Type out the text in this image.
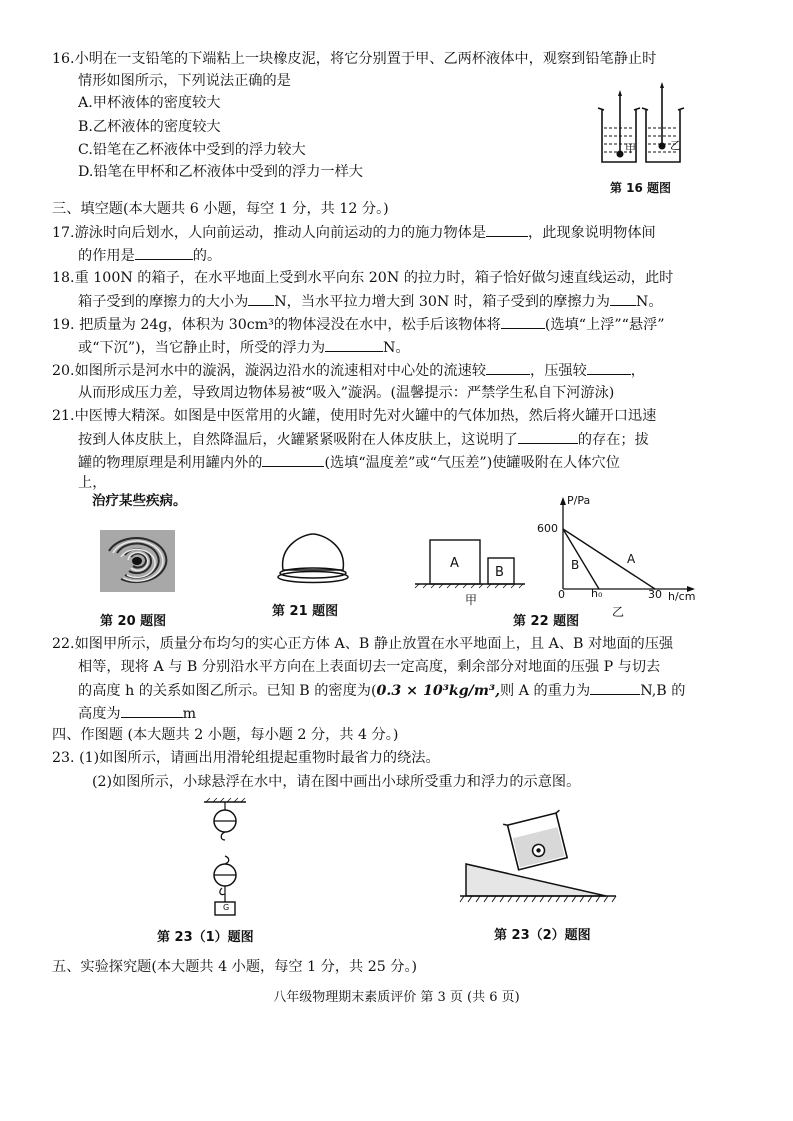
16.小明在一支铅笔的下端粘上一块橡皮泥，将它分别置于甲、乙两杯液体中，观察到铅笔静止时
情形如图所示，下列说法正确的是
A.甲杯液体的密度较大
B.乙杯液体的密度较大
C.铅笔在乙杯液体中受到的浮力较大
D.铅笔在甲杯和乙杯液体中受到的浮力一样大
甲	乙
第 16 题图
三、填空题(本大题共 6 小题，每空 1 分，共 12 分。)
17.游泳时向后划水，人向前运动，推动人向前运动的力的施力物体是	，此现象说明物体间
的作用是	的。
18.重 100N 的箱子，在水平地面上受到水平向东 20N 的拉力时，箱子恰好做匀速直线运动，此时
箱子受到的摩擦力的大小为 N，当水平拉力增大到 30N 时，箱子受到的摩擦力为 N。
19. 把质量为 24g，体积为 30cm³的物体浸没在水中，松手后该物体将	(选填“上浮”“悬浮”
或“下沉”)，当它静止时，所受的浮力为	N。
20.如图所示是河水中的漩涡，漩涡边沿水的流速相对中心处的流速较	，压强较	，
从而形成压力差，导致周边物体易被“吸入”漩涡。(温馨提示：严禁学生私自下河游泳)
21.中医博大精深。如图是中医常用的火罐，使用时先对火罐中的气体加热，然后将火罐开口迅速
按到人体皮肤上，自然降温后，火罐紧紧吸附在人体皮肤上，这说明了	的存在；拔
罐的物理原理是利用罐内外的	(选填“温度差”或“气压差”)使罐吸附在人体穴位
上，
治疗某些疾病。
第 20 题图
第 21 题图
A
B
甲
P/Pa
600
B	A
0 h₀	30 h/cm
乙
第 22 题图
22.如图甲所示，质量分布均匀的实心正方体 A、B 静止放置在水平地面上，且 A、B 对地面的压强
相等，现将 A 与 B 分别沿水平方向在上表面切去一定高度，剩余部分对地面的压强 P 与切去
的高度 h 的关系如图乙所示。已知 B 的密度为(0.3 × 10³kg/m³,则 A 的重力为	N,B 的
高度为	m
四、作图题 (本大题共 2 小题，每小题 2 分，共 4 分。)
23. (1)如图所示，请画出用滑轮组提起重物时最省力的绕法。
(2)如图所示，小球悬浮在水中，请在图中画出小球所受重力和浮力的示意图。
G
第 23（1）题图	第 23（2）题图
五、实验探究题(本大题共 4 小题，每空 1 分，共 25 分。)
八年级物理期末素质评价 第 3 页 (共 6 页)
